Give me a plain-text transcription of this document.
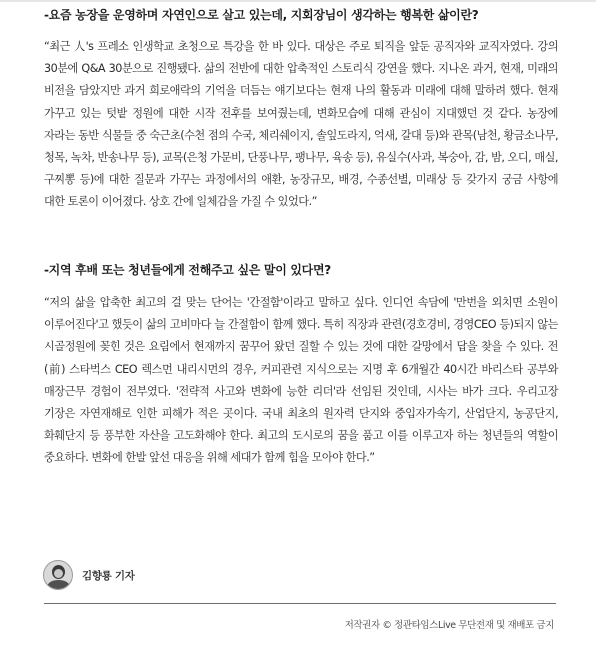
-요즘 농장을 운영하며 자연인으로 살고 있는데, 지회장님이 생각하는 행복한 삶이란?

“최근 人's 프레소 인생학교 초청으로 특강을 한 바 있다. 대상은 주로 퇴직을 앞둔 공직자와 교직자였다. 강의 30분에 Q&A 30분으로 진행됐다. 삶의 전반에 대한 압축적인 스토리식 강연을 했다. 지나온 과거, 현재, 미래의 비전을 담았지만 과거 희로애락의 기억을 더듬는 얘기보다는 현재 나의 활동과 미래에 대해 말하려 했다. 현재 가꾸고 있는 텃밭 정원에 대한 시작 전후를 보여줬는데, 변화모습에 대해 관심이 지대했던 것 같다. 농장에 자라는 동반 식물들 중 숙근초(수천 점의 수국, 체리쉐이지, 솔잎도라지, 억새, 갈대 등)와 관목(남천, 황금소나무, 청목, 녹차, 반송나무 등), 교목(은청 가문비, 단풍나무, 팽나무, 육송 등), 유실수(사과, 복숭아, 감, 밤, 오디, 매실, 구찌뽕 등)에 대한 질문과 가꾸는 과정에서의 애환, 농장규모, 배경, 수종선별, 미래상 등 갖가지 궁금 사항에 대한 토론이 이어졌다. 상호 간에 일체감을 가질 수 있었다.”

-지역 후배 또는 청년들에게 전해주고 싶은 말이 있다면?

“저의 삶을 압축한 최고의 걸 맞는 단어는 '간절함'이라고 말하고 싶다. 인디언 속담에 '만번을 외치면 소원이 이루어진다'고 했듯이 삶의 고비마다 늘 간절함이 함께 했다. 특히 직장과 관련(경호경비, 경영CEO 등)되지 않는 시골정원에 꽂힌 것은 요림에서 현재까지 꿈꾸어 왔던 질할 수 있는 것에 대한 갈망에서 답을 찾을 수 있다. 전(前) 스타벅스 CEO 렉스먼 내리시먼의 경우, 커피관련 지식으로는 지명 후 6개월간 40시간 바리스타 공부와 매장근무 경험이 전부였다. '전략적 사고와 변화에 능한 리더'라 선임된 것인데, 시사는 바가 크다. 우리고장 기장은 자연재해로 인한 피해가 적은 곳이다. 국내 최초의 원자력 단지와 중입자가속기, 산업단지, 농공단지, 화훼단지 등 풍부한 자산을 고도화해야 한다. 최고의 도시로의 꿈을 품고 이를 이루고자 하는 청년들의 역할이 중요하다. 변화에 한발 앞선 대응을 위해 세대가 함께 힘을 모아야 한다.”

김향룡 기자
저작권자 © 정관타임스Live 무단전재 및 재배포 금지
